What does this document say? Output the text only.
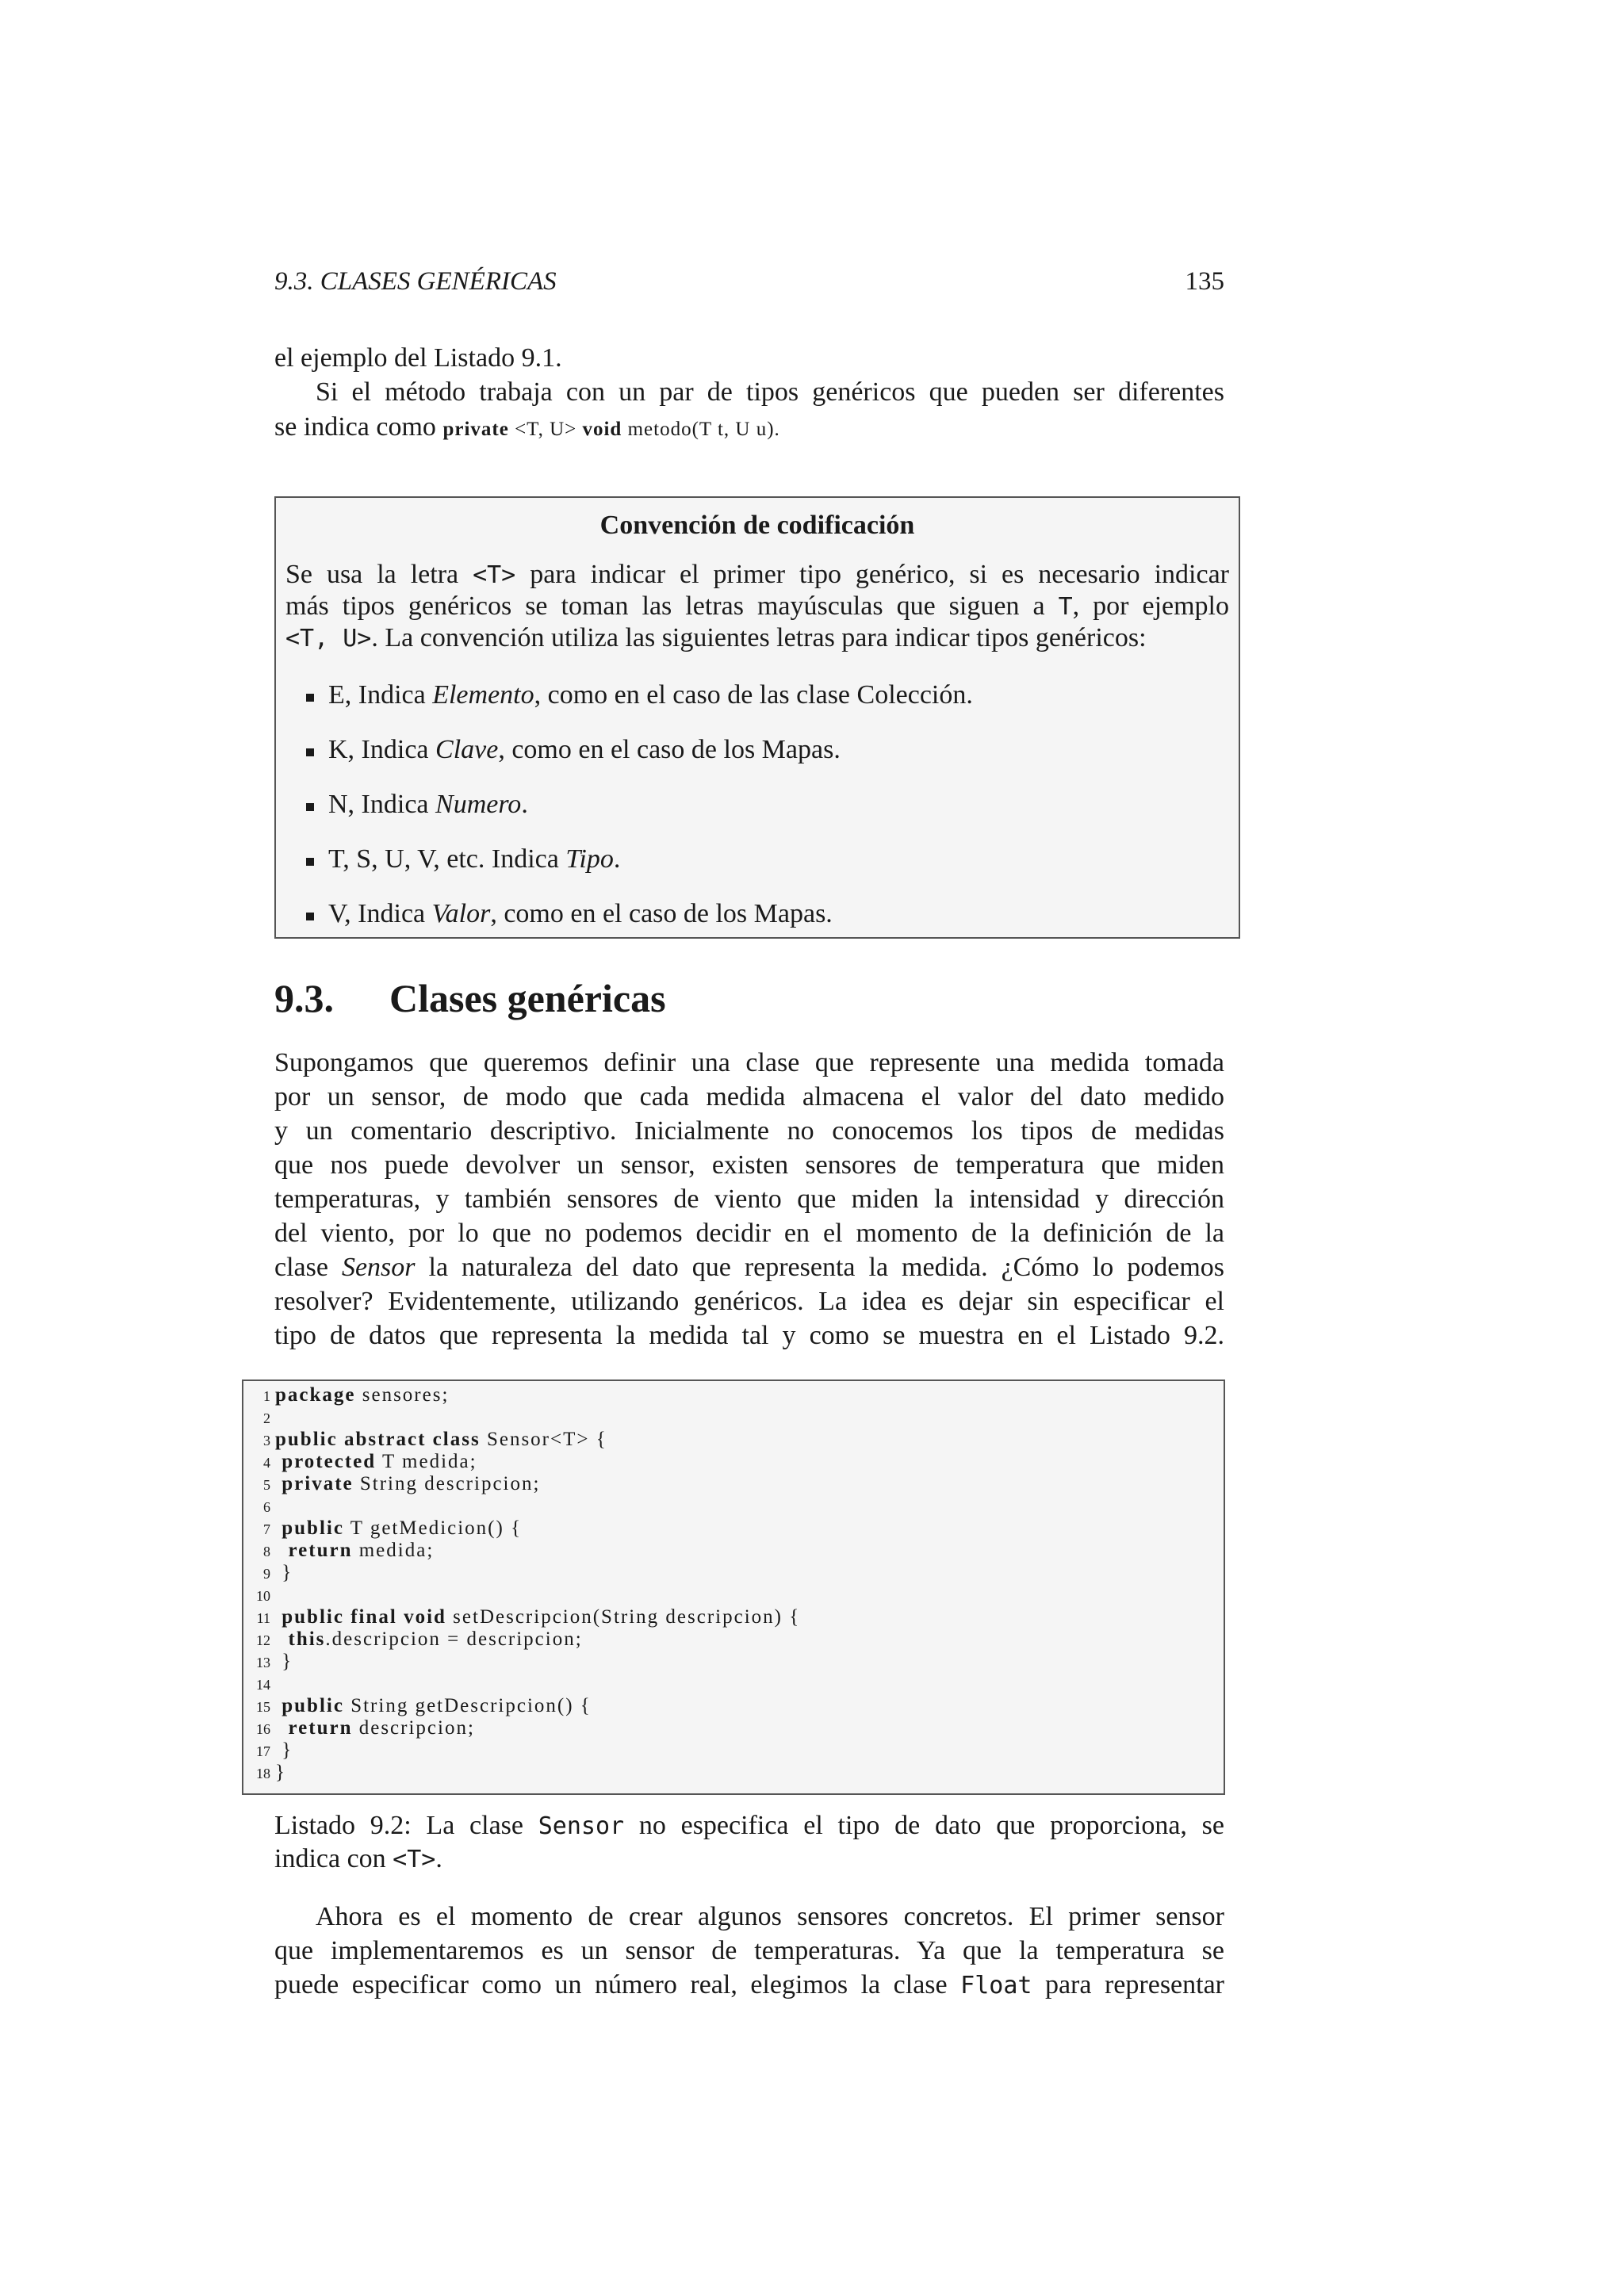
9.3. CLASES GENÉRICAS	135
el ejemplo del Listado 9.1.
Si el método trabaja con un par de tipos genéricos que pueden ser diferentes
se indica como private <T, U> void metodo(T t, U u).
Convención de codificación
Se usa la letra <T> para indicar el primer tipo genérico, si es necesario indicar
más tipos genéricos se toman las letras mayúsculas que siguen a T, por ejemplo
<T, U>. La convención utiliza las siguientes letras para indicar tipos genéricos:
E, Indica Elemento, como en el caso de las clase Colección.
K, Indica Clave, como en el caso de los Mapas.
N, Indica Numero.
T, S, U, V, etc. Indica Tipo.
V, Indica Valor, como en el caso de los Mapas.
9.3. Clases genéricas
Supongamos que queremos definir una clase que represente una medida tomada
por un sensor, de modo que cada medida almacena el valor del dato medido
y un comentario descriptivo. Inicialmente no conocemos los tipos de medidas
que nos puede devolver un sensor, existen sensores de temperatura que miden
temperaturas, y también sensores de viento que miden la intensidad y dirección
del viento, por lo que no podemos decidir en el momento de la definición de la
clase Sensor la naturaleza del dato que representa la medida. ¿Cómo lo podemos
resolver? Evidentemente, utilizando genéricos. La idea es dejar sin especificar el
tipo de datos que representa la medida tal y como se muestra en el Listado 9.2.
1 package sensores;
2
3 public abstract class Sensor<T> {
4 protected T medida;
5 private String descripcion;
6
7 public T getMedicion() {
8  return medida;
9 }
10
11 public final void setDescripcion(String descripcion) {
12  this.descripcion = descripcion;
13 }
14
15 public String getDescripcion() {
16  return descripcion;
17 }
18 }
Listado 9.2: La clase Sensor no especifica el tipo de dato que proporciona, se
indica con <T>.
Ahora es el momento de crear algunos sensores concretos. El primer sensor
que implementaremos es un sensor de temperaturas. Ya que la temperatura se
puede especificar como un número real, elegimos la clase Float para representar
